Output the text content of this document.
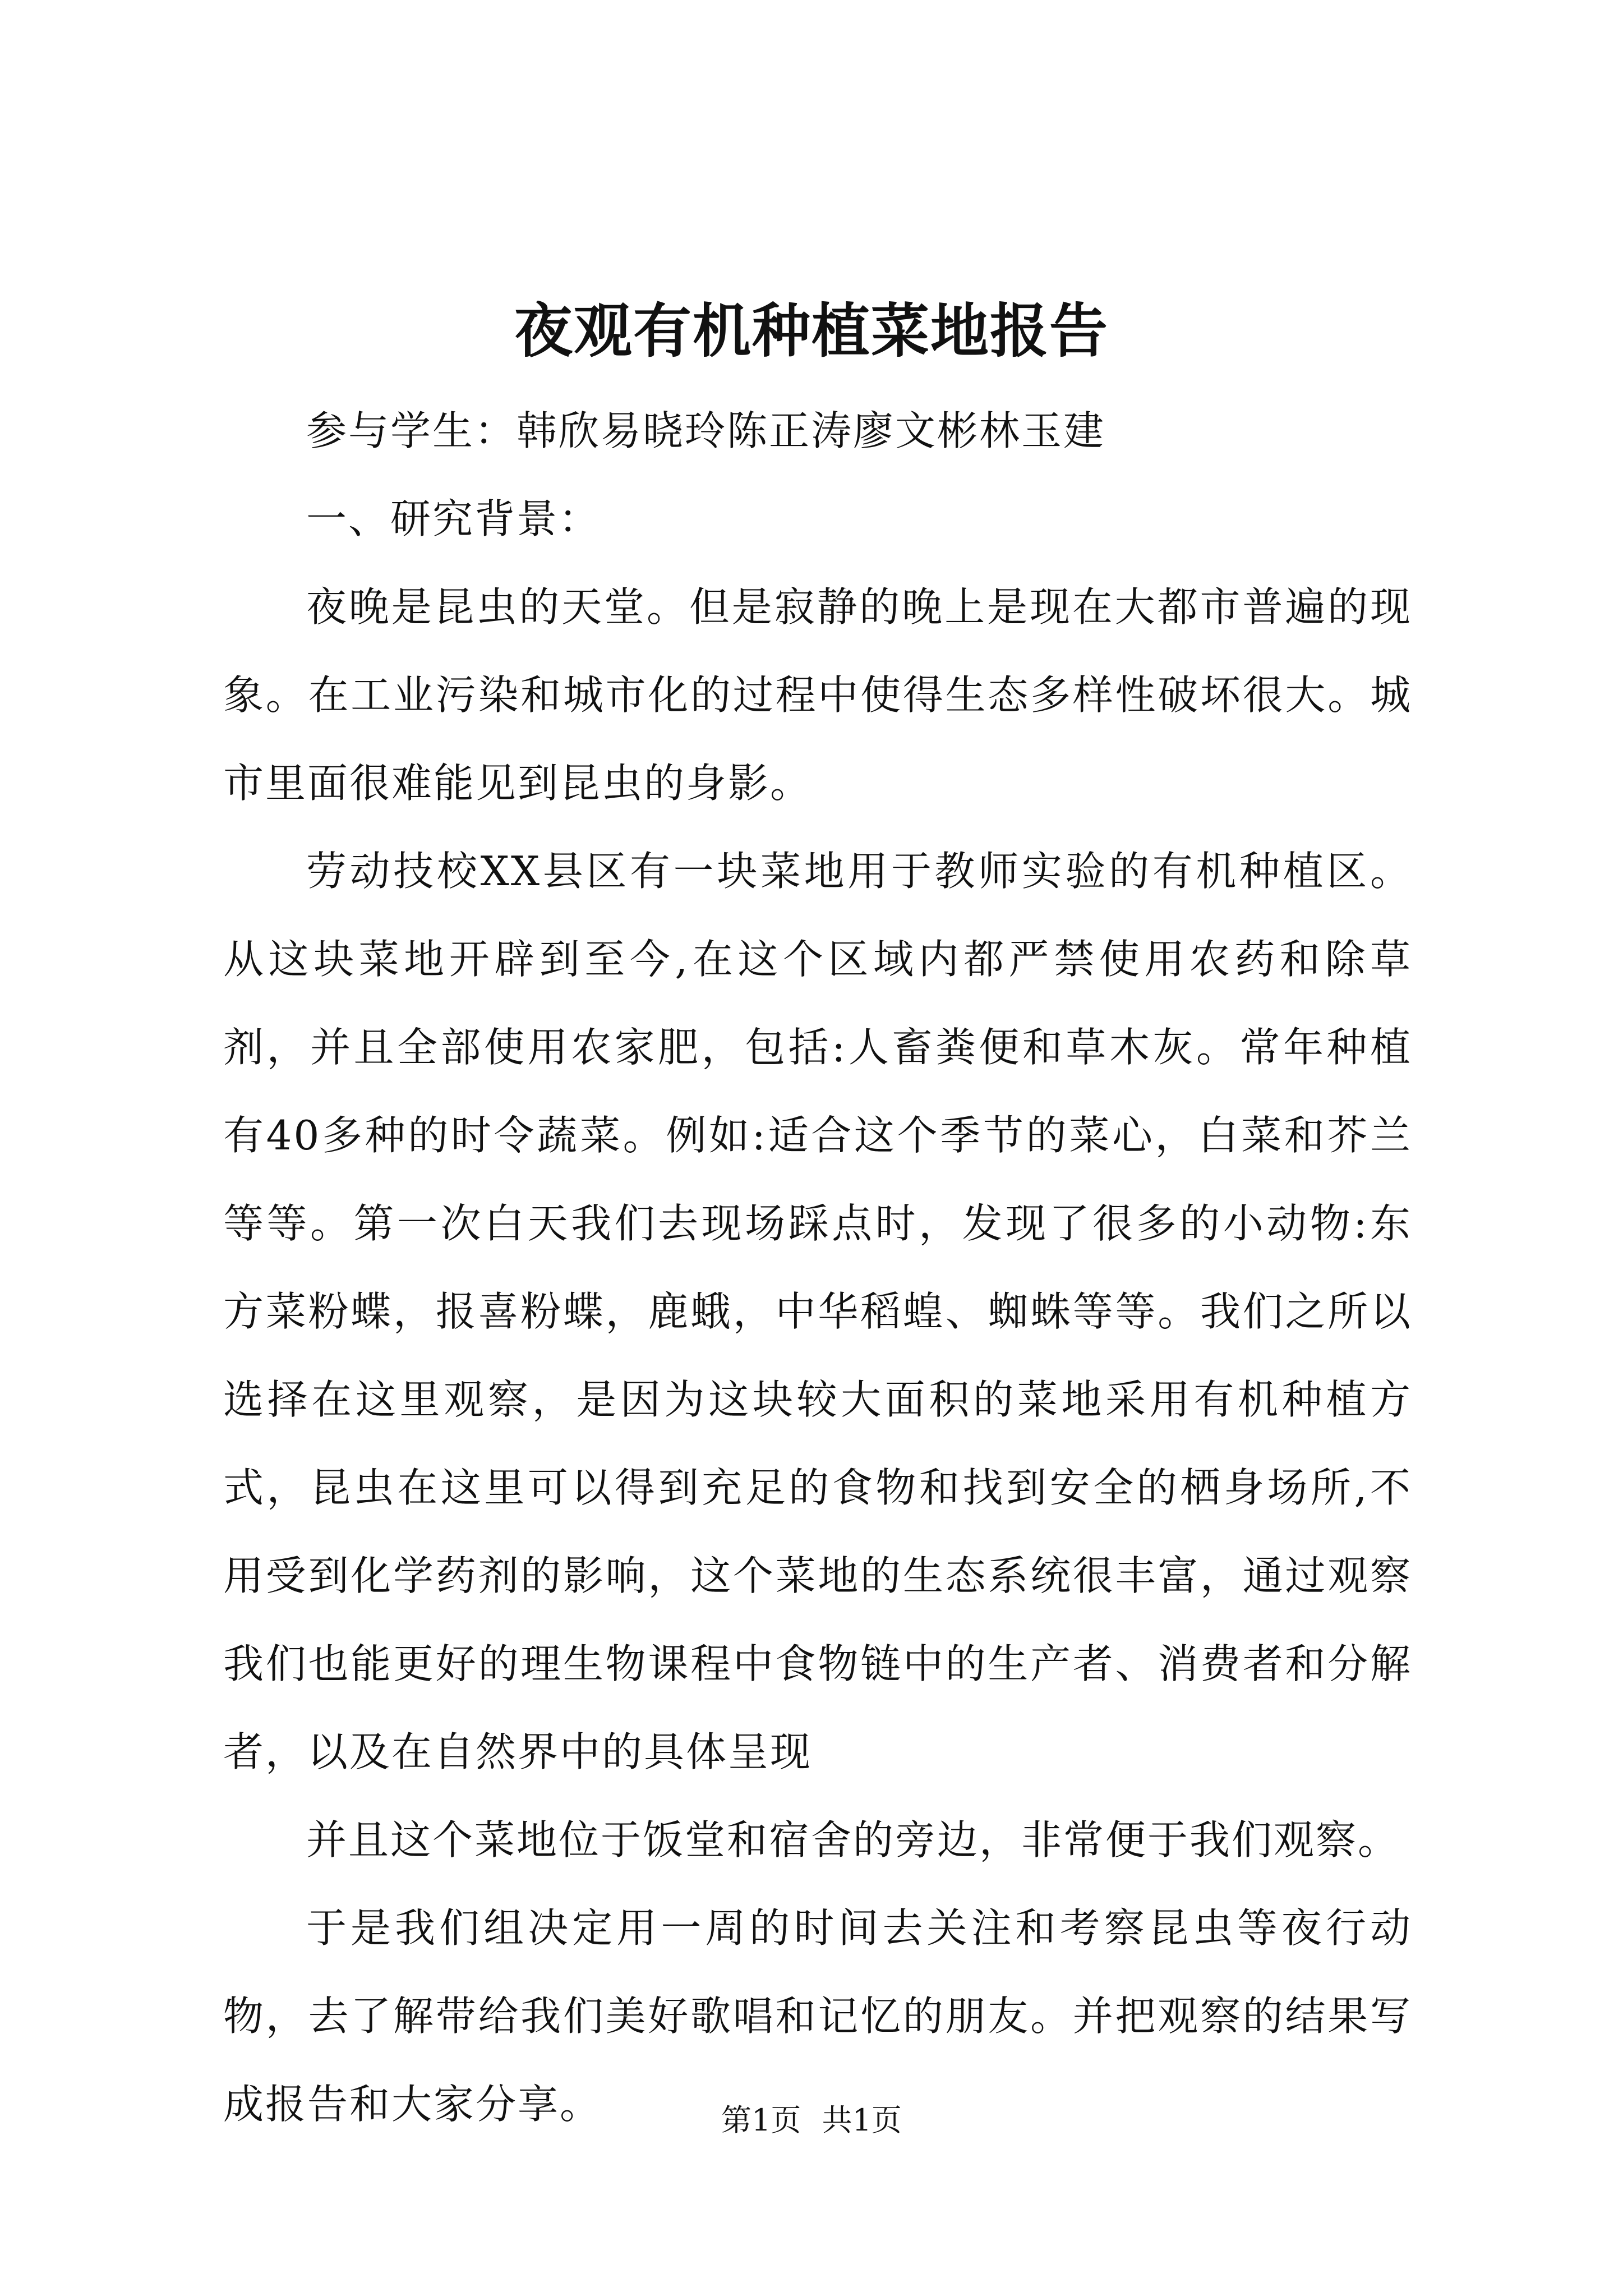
夜观有机种植菜地报告

参与学生：韩欣易晓玲陈正涛廖文彬林玉建

一、研究背景：

夜晚是昆虫的天堂。但是寂静的晚上是现在大都市普遍的现象。在工业污染和城市化的过程中使得生态多样性破坏很大。城市里面很难能见到昆虫的身影。

劳动技校XX县区有一块菜地用于教师实验的有机种植区。从这块菜地开辟到至今,在这个区域内都严禁使用农药和除草剂，并且全部使用农家肥，包括:人畜粪便和草木灰。常年种植有40多种的时令蔬菜。例如:适合这个季节的菜心，白菜和芥兰等等。第一次白天我们去现场踩点时，发现了很多的小动物:东方菜粉蝶，报喜粉蝶，鹿蛾，中华稻蝗、蜘蛛等等。我们之所以选择在这里观察，是因为这块较大面积的菜地采用有机种植方式，昆虫在这里可以得到充足的食物和找到安全的栖身场所,不用受到化学药剂的影响，这个菜地的生态系统很丰富，通过观察我们也能更好的理生物课程中食物链中的生产者、消费者和分解者，以及在自然界中的具体呈现

并且这个菜地位于饭堂和宿舍的旁边，非常便于我们观察。

于是我们组决定用一周的时间去关注和考察昆虫等夜行动物，去了解带给我们美好歌唱和记忆的朋友。并把观察的结果写成报告和大家分享。	第1页 共1页
